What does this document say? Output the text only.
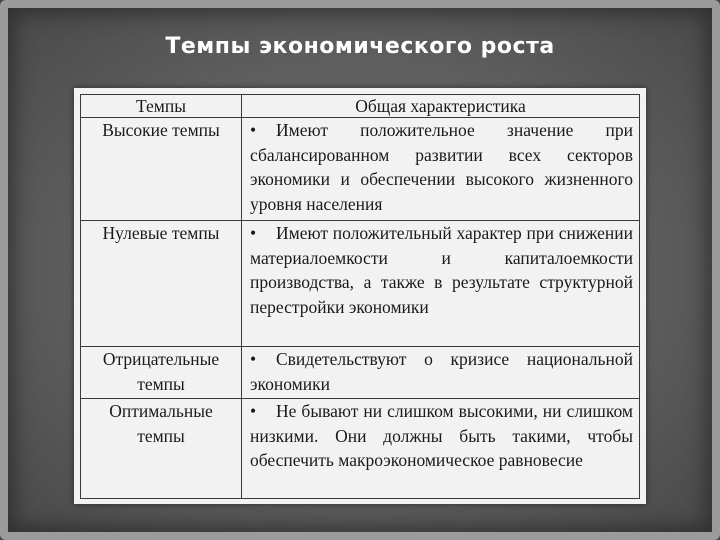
Темпы экономического роста
Темпы	Общая характеристика
Высокие темпы	• Имеют положительное значение при сбалансированном развитии всех секторов экономики и обеспечении высокого жизненного уровня населения
Нулевые темпы	• Имеют положительный характер при снижении материалоемкости и капиталоемкости производства, а также в результате структурной перестройки экономики
Отрицательные темпы	• Свидетельствуют о кризисе национальной экономики
Оптимальные темпы	• Не бывают ни слишком высокими, ни слишком низкими. Они должны быть такими, чтобы обеспечить макроэкономическое равновесие
